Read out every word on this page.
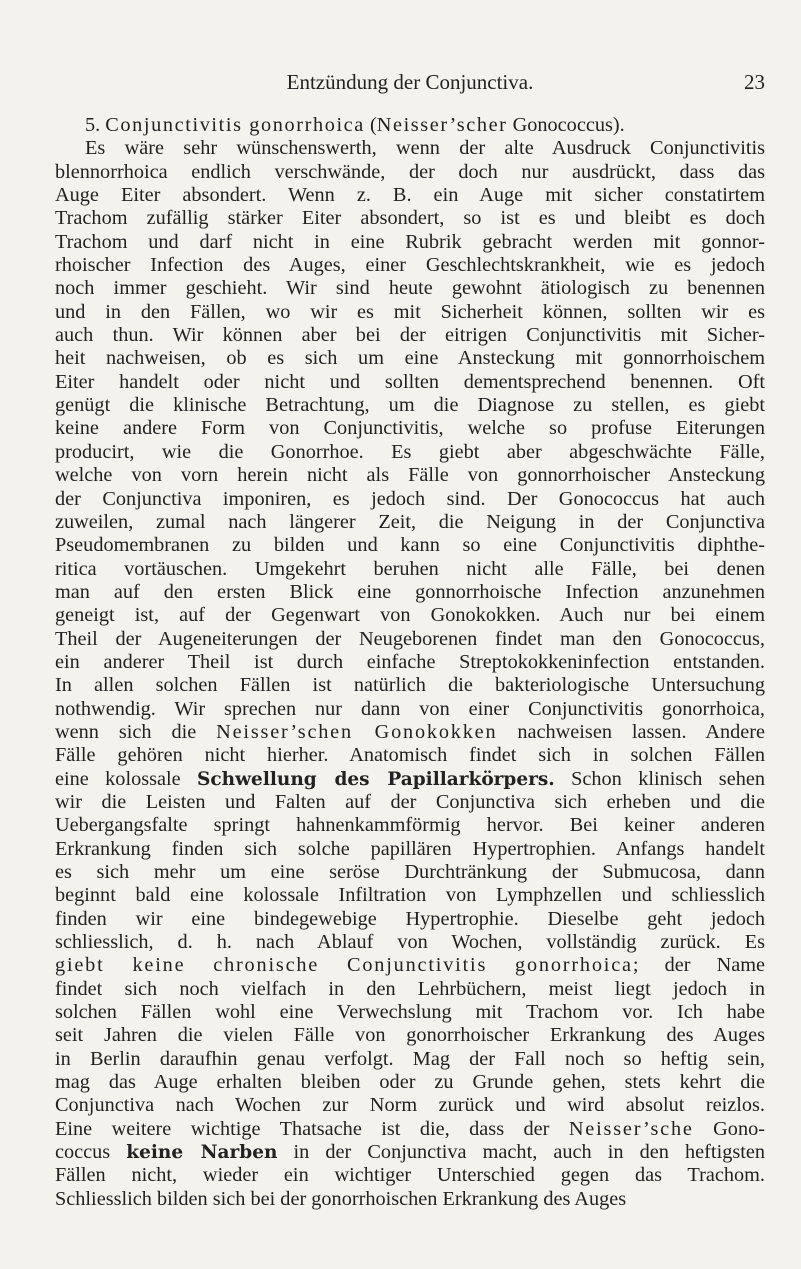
Entzündung der Conjunctiva.	23
5. Conjunctivitis gonorrhoica (Neisser’scher Gonococcus).
Es wäre sehr wünschenswerth, wenn der alte Ausdruck Conjunctivitis
blennorrhoica endlich verschwände, der doch nur ausdrückt, dass das
Auge Eiter absondert. Wenn z. B. ein Auge mit sicher constatirtem
Trachom zufällig stärker Eiter absondert, so ist es und bleibt es doch
Trachom und darf nicht in eine Rubrik gebracht werden mit gonnor-
rhoischer Infection des Auges, einer Geschlechtskrankheit, wie es jedoch
noch immer geschieht. Wir sind heute gewohnt ätiologisch zu benennen
und in den Fällen, wo wir es mit Sicherheit können, sollten wir es
auch thun. Wir können aber bei der eitrigen Conjunctivitis mit Sicher-
heit nachweisen, ob es sich um eine Ansteckung mit gonnorrhoischem
Eiter handelt oder nicht und sollten dementsprechend benennen. Oft
genügt die klinische Betrachtung, um die Diagnose zu stellen, es giebt
keine andere Form von Conjunctivitis, welche so profuse Eiterungen
producirt, wie die Gonorrhoe. Es giebt aber abgeschwächte Fälle,
welche von vorn herein nicht als Fälle von gonnorrhoischer Ansteckung
der Conjunctiva imponiren, es jedoch sind. Der Gonococcus hat auch
zuweilen, zumal nach längerer Zeit, die Neigung in der Conjunctiva
Pseudomembranen zu bilden und kann so eine Conjunctivitis diphthe-
ritica vortäuschen. Umgekehrt beruhen nicht alle Fälle, bei denen
man auf den ersten Blick eine gonnorrhoische Infection anzunehmen
geneigt ist, auf der Gegenwart von Gonokokken. Auch nur bei einem
Theil der Augeneiterungen der Neugeborenen findet man den Gonococcus,
ein anderer Theil ist durch einfache Streptokokkeninfection entstanden.
In allen solchen Fällen ist natürlich die bakteriologische Untersuchung
nothwendig. Wir sprechen nur dann von einer Conjunctivitis gonorrhoica,
wenn sich die Neisser’schen Gonokokken nachweisen lassen. Andere
Fälle gehören nicht hierher. Anatomisch findet sich in solchen Fällen
eine kolossale Schwellung des Papillarkörpers. Schon klinisch sehen
wir die Leisten und Falten auf der Conjunctiva sich erheben und die
Uebergangsfalte springt hahnenkammförmig hervor. Bei keiner anderen
Erkrankung finden sich solche papillären Hypertrophien. Anfangs handelt
es sich mehr um eine seröse Durchtränkung der Submucosa, dann
beginnt bald eine kolossale Infiltration von Lymphzellen und schliesslich
finden wir eine bindegewebige Hypertrophie. Dieselbe geht jedoch
schliesslich, d. h. nach Ablauf von Wochen, vollständig zurück. Es
giebt keine chronische Conjunctivitis gonorrhoica; der Name
findet sich noch vielfach in den Lehrbüchern, meist liegt jedoch in
solchen Fällen wohl eine Verwechslung mit Trachom vor. Ich habe
seit Jahren die vielen Fälle von gonorrhoischer Erkrankung des Auges
in Berlin daraufhin genau verfolgt. Mag der Fall noch so heftig sein,
mag das Auge erhalten bleiben oder zu Grunde gehen, stets kehrt die
Conjunctiva nach Wochen zur Norm zurück und wird absolut reizlos.
Eine weitere wichtige Thatsache ist die, dass der Neisser’sche Gono-
coccus keine Narben in der Conjunctiva macht, auch in den heftigsten
Fällen nicht, wieder ein wichtiger Unterschied gegen das Trachom.
Schliesslich bilden sich bei der gonorrhoischen Erkrankung des Auges
